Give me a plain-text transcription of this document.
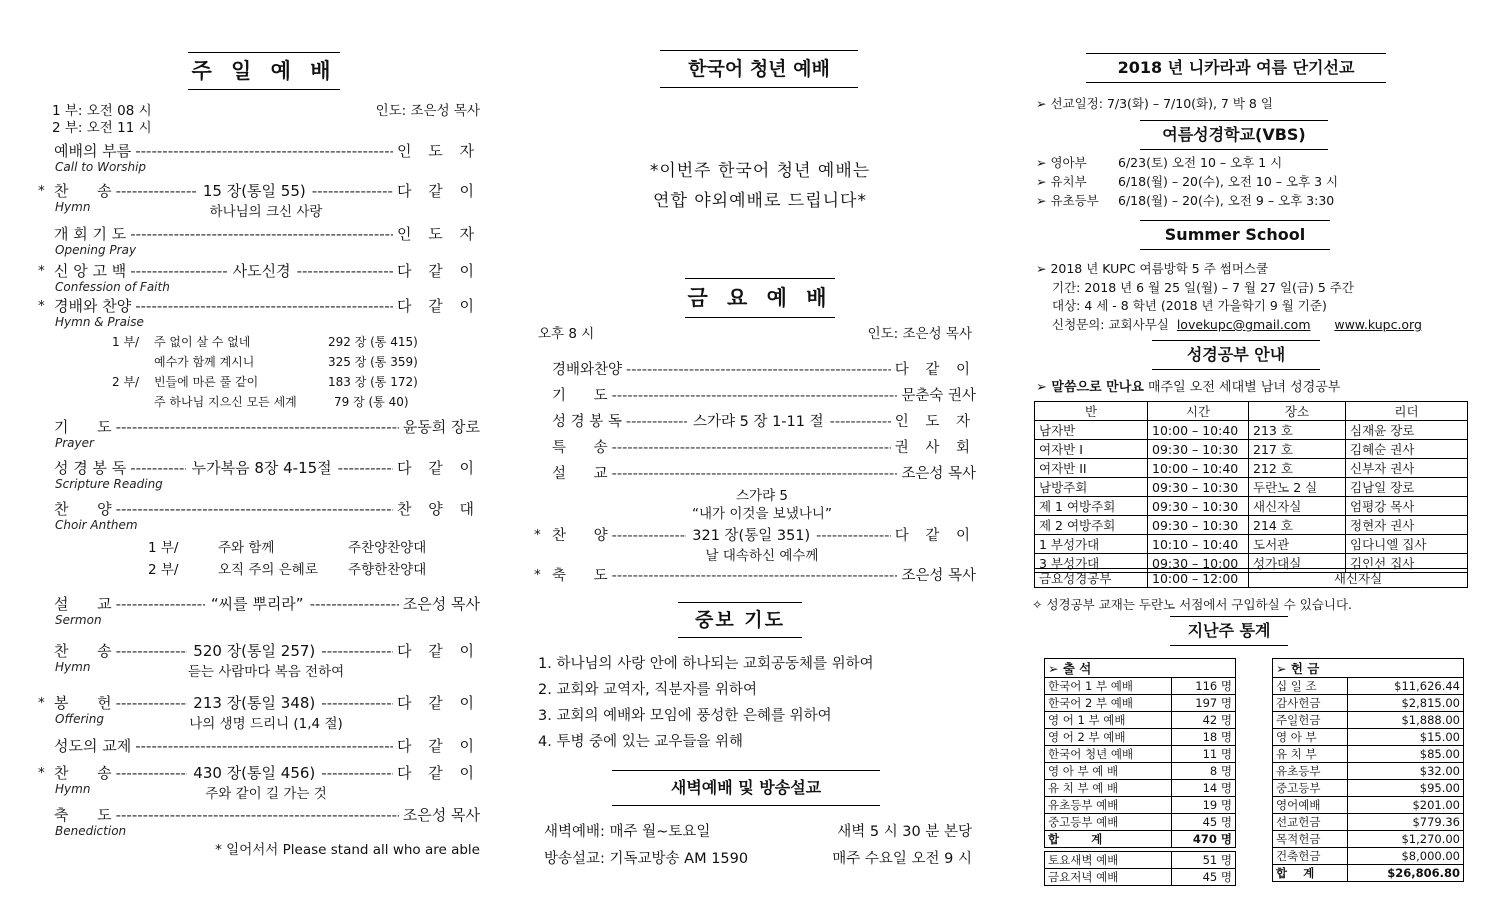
주 일 예 배
1 부: 오전 08 시
2 부: 오전 11 시
인도: 조은성 목사
예배의 부름 -----	인 도 자
Call to Worship
찬      송 -----	15 장(통일 55) -----	다 같 이
*
Hymn	하나님의 크신 사랑
개 회 기 도 -----	인 도 자
Opening Pray
신 앙 고 백 -----	사도신경 -----	다 같 이
*
Confession of Faith
경배와 찬양 -----	다 같 이
*
Hymn & Praise
기      도 -----	윤동희 장로
Prayer
성 경 봉 독 -----	누가복음 8장 4-15절 -----	다 같 이
Scripture Reading
찬      양 -----	찬 양 대
Choir Anthem
설      교 -----	“씨를 뿌리라” -----	조은성 목사
Sermon
찬      송 -----	520 장(통일 257) -----	다 같 이
Hymn	듣는 사람마다 복음 전하여
봉      헌 -----	213 장(통일 348) -----	다 같 이
*
Offering	나의 생명 드리니 (1,4 절)
성도의 교제 -----	다 같 이
찬      송 -----	430 장(통일 456) -----	다 같 이
*
Hymn	주와 같이 길 가는 것
축      도 -----	조은성 목사
Benediction
1 부/ 주 없이 살 수 없네	292 장 (통 415)
예수가 함께 계시니	325 장 (통 359)
2 부/ 빈들에 마른 풀 같이	183 장 (통 172)
주 하나님 지으신 모든 세계	79 장 (통 40)
1 부/	주와 함께	주찬양찬양대
2 부/	오직 주의 은혜로 주향한찬양대
* 일어서서 Please stand all who are able
한국어 청년 예배
*이번주 한국어 청년 예배는
연합 야외예배로 드립니다*
금 요 예 배
오후 8 시	인도: 조은성 목사
경배와찬양 -----	다 같 이
기      도 -----	문춘숙 권사
성 경 봉 독 -----	스가랴 5 장 1-11 절 -----	인 도 자
특      송 -----	권 사 회
설      교 -----	조은성 목사
스가랴 5
“내가 이것을 보냈나니”
찬      양 -----	321 장(통일 351) -----	다 같 이
*
날 대속하신 예수께
축      도 -----	조은성 목사
*
중보 기도
1. 하나님의 사랑 안에 하나되는 교회공동체를 위하여
2. 교회와 교역자, 직분자를 위하여
3. 교회의 예배와 모임에 풍성한 은혜를 위하여
4. 투병 중에 있는 교우들을 위해
새벽예배 및 방송설교
새벽예배: 매주 월~토요일	새벽 5 시 30 분 본당
방송설교: 기독교방송 AM 1590	매주 수요일 오전 9 시
2018 년 니카라과 여름 단기선교
➢ 선교일정: 7/3(화) – 7/10(화), 7 박 8 일
여름성경학교(VBS)
➢ 영아부	6/23(토) 오전 10 – 오후 1 시
➢ 유치부	6/18(월) – 20(수), 오전 10 – 오후 3 시
➢ 유초등부 6/18(월) – 20(수), 오전 9 – 오후 3:30
Summer School
➢ 2018 년 KUPC 여름방학 5 주 썸머스쿨
기간: 2018 년 6 월 25 일(월) – 7 월 27 일(금) 5 주간
대상: 4 세 - 8 학년 (2018 년 가을학기 9 월 기준)
신청문의: 교회사무실 lovekupc@gmail.com www.kupc.org
성경공부 안내
➢ 말씀으로 만나요 매주일 오전 세대별 남녀 성경공부
반	시간	장소	리더
남자반	10:00 – 10:40	213 호	심재윤 장로
여자반 I	09:30 – 10:30	217 호	김혜순 권사
여자반 II	10:00 – 10:40	212 호	신부자 권사
남방주회	09:30 – 10:30	두란노 2 실	김남일 장로
제 1 여방주회	09:30 – 10:30	새신자실	엄평강 목사
제 2 여방주회	09:30 – 10:30	214 호	정현자 권사
1 부성가대	10:10 – 10:40	도서관	임다니엘 집사
3 부성가대	09:30 – 10:00	성가대실	김인선 집사
금요성경공부	10:00 – 12:00	새신자실
✧ 성경공부 교재는 두란노 서점에서 구입하실 수 있습니다.
지난주 통계
➢ 출 석	
한국어 1 부 예배	116 명
한국어 2 부 예배	197 명
영 어 1 부 예배	42 명
영 어 2 부 예배	18 명
한국어 청년 예배	11 명
영 아 부 예 배	8 명
유 치 부 예 배	14 명
유초등부 예배	19 명
중고등부 예배	45 명
합        계	470 명

토요새벽 예배	51 명
금요저녁 예배	45 명
➢ 헌 금	
십 일 조	$11,626.44
감사헌금	$2,815.00
주일헌금	$1,888.00
영 아 부	$15.00
유 치 부	$85.00
유초등부	$32.00
중고등부	$95.00
영어예배	$201.00
선교헌금	$779.36
목적헌금	$1,270.00
건축헌금	$8,000.00
합    계	$26,806.80
